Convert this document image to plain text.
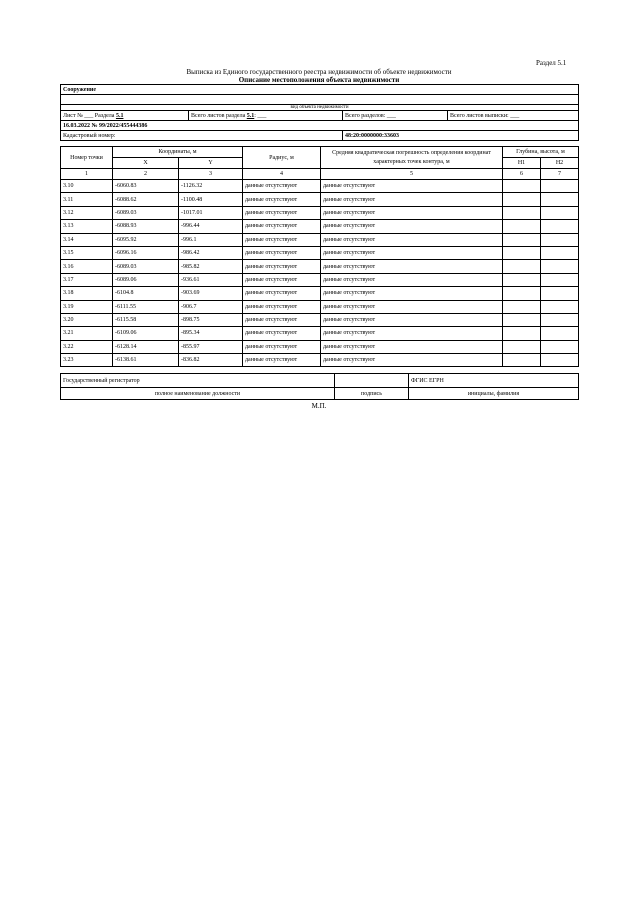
Раздел 5.1
Выписка из Единого государственного реестра недвижимости об объекте недвижимости
Описание местоположения объекта недвижимости
Сооружение			

вид объекта недвижимости			
Лист № ___ Раздела 5.1	Всего листов раздела 5.1: ___	Всего разделов: ___	Всего листов выписки: ___
16.03.2022 № 99/2022/455444386			
Кадастровый номер:		48:20:0000000:33603	
Номер точки	Координаты, м		Радиус, м	Средняя квадратическая погрешность определения координат характерных точек контура, м	Глубина, высота, м	
	X	Y			H1	H2
1	2	3	4	5	6	7
3.10	-6060.83	-1126.32	данные отсутствуют	данные отсутствуют		
3.11	-6088.62	-1100.48	данные отсутствуют	данные отсутствуют		
3.12	-6089.03	-1017.01	данные отсутствуют	данные отсутствуют		
3.13	-6088.93	-996.44	данные отсутствуют	данные отсутствуют		
3.14	-6095.92	-996.1	данные отсутствуют	данные отсутствуют		
3.15	-6096.16	-986.42	данные отсутствуют	данные отсутствуют		
3.16	-6089.03	-985.82	данные отсутствуют	данные отсутствуют		
3.17	-6089.06	-936.61	данные отсутствуют	данные отсутствуют		
3.18	-6104.8	-903.69	данные отсутствуют	данные отсутствуют		
3.19	-6111.55	-906.7	данные отсутствуют	данные отсутствуют		
3.20	-6115.58	-898.75	данные отсутствуют	данные отсутствуют		
3.21	-6109.06	-895.34	данные отсутствуют	данные отсутствуют		
3.22	-6128.14	-855.97	данные отсутствуют	данные отсутствуют		
3.23	-6138.61	-836.82	данные отсутствуют	данные отсутствуют		
Государственный регистратор		ФГИС ЕГРН
полное наименование должности	подпись	инициалы, фамилия
М.П.
